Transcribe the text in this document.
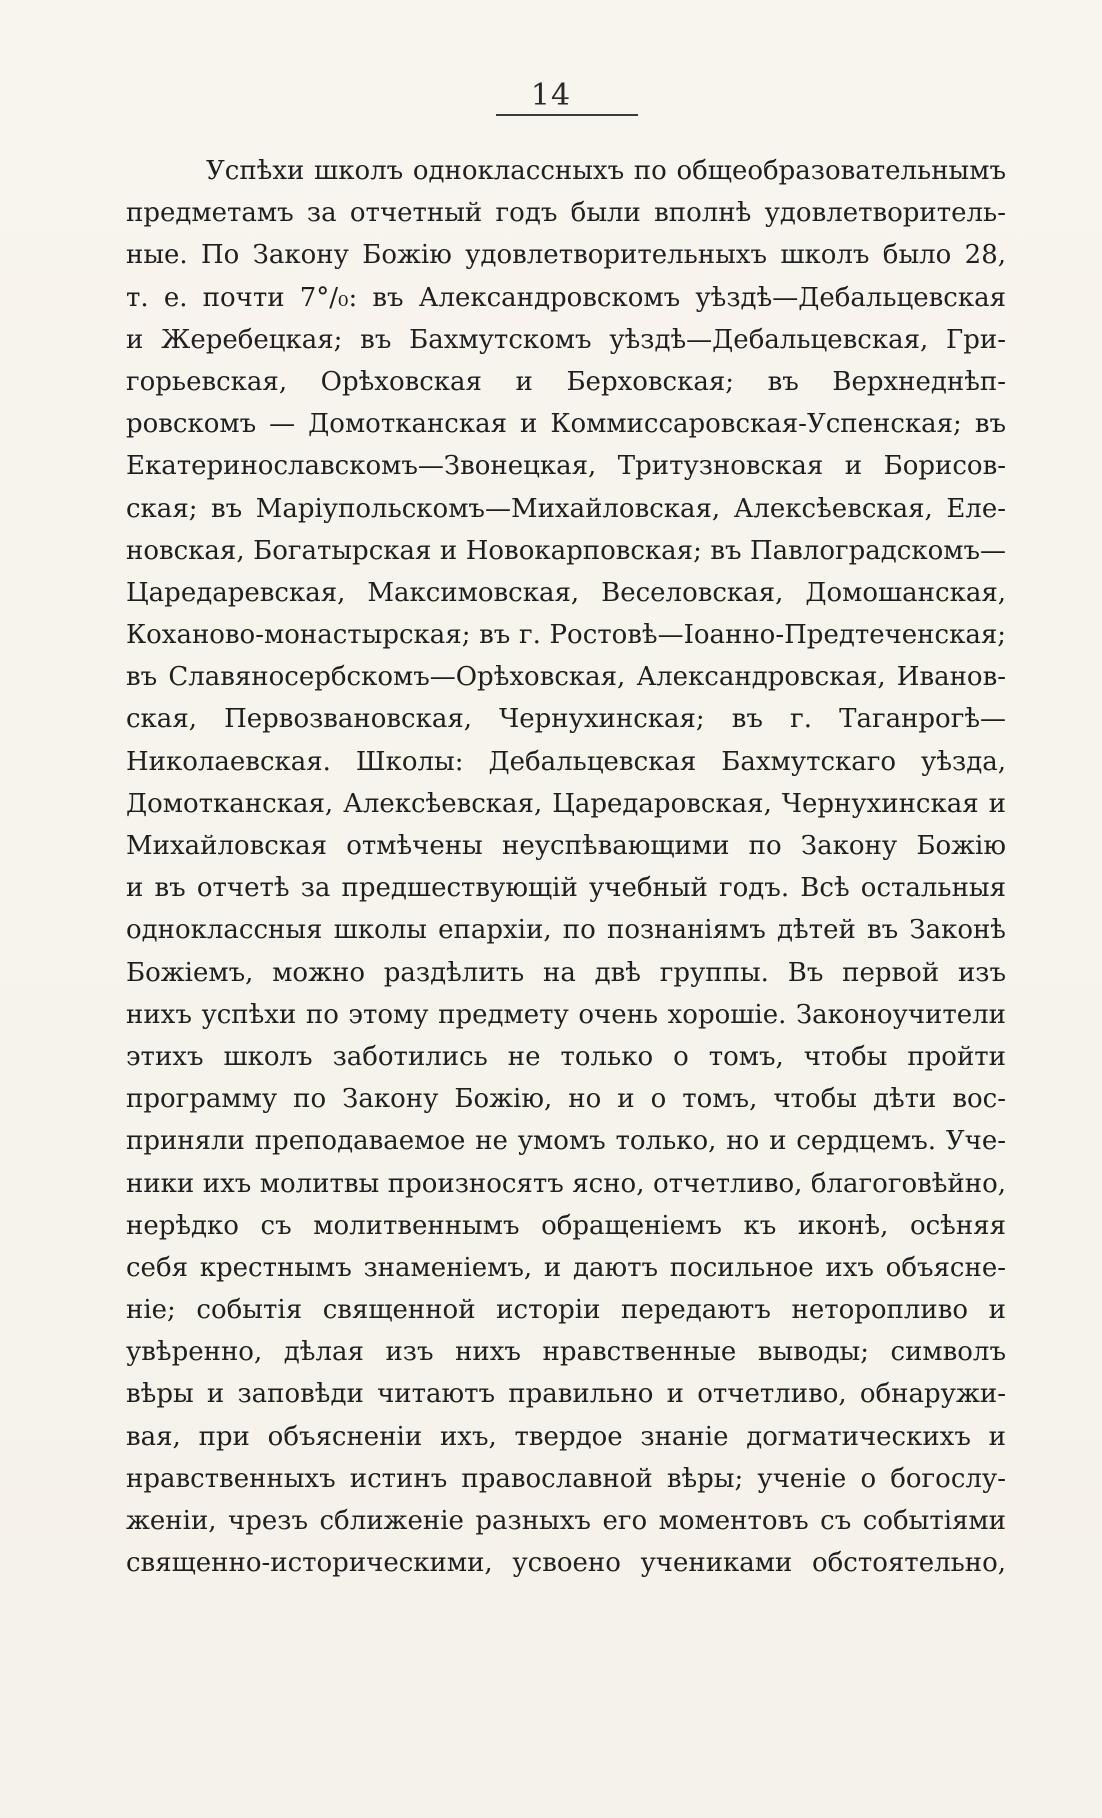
14
Успѣхи школъ одноклассныхъ по общеобразовательнымъ
предметамъ за отчетный годъ были вполнѣ удовлетворитель-
ные. По Закону Божію удовлетворительныхъ школъ было 28,
т. е. почти 7°/₀: въ Александровскомъ уѣздѣ—Дебальцевская
и Жеребецкая; въ Бахмутскомъ уѣздѣ—Дебальцевская, Гри-
горьевская, Орѣховская и Берховская; въ Верхнеднѣп-
ровскомъ — Домотканская и Коммиссаровская-Успенская; въ
Екатеринославскомъ—Звонецкая, Тритузновская и Борисов-
ская; въ Маріупольскомъ—Михайловская, Алексѣевская, Еле-
новская, Богатырская и Новокарповская; въ Павлоградскомъ—
Царедаревская, Максимовская, Веселовская, Домошанская,
Кохановo-монастырская; въ г. Ростовѣ—Іоанно-Предтеченская;
въ Славяносербскомъ—Орѣховская, Александровская, Иванов-
ская, Первозвановская, Чернухинская; въ г. Таганрогѣ—
Николаевская. Школы: Дебальцевская Бахмутскаго уѣзда,
Домотканская, Алексѣевская, Царедаровская, Чернухинская и
Михайловская отмѣчены неуспѣвающими по Закону Божію
и въ отчетѣ за предшествующій учебный годъ. Всѣ остальныя
одноклассныя школы епархіи, по познаніямъ дѣтей въ Законѣ
Божіемъ, можно раздѣлить на двѣ группы. Въ первой изъ
нихъ успѣхи по этому предмету очень хорошіе. Законоучители
этихъ школъ заботились не только о томъ, чтобы пройти
программу по Закону Божію, но и о томъ, чтобы дѣти вос-
приняли преподаваемое не умомъ только, но и сердцемъ. Уче-
ники ихъ молитвы произносятъ ясно, отчетливо, благоговѣйно,
нерѣдко съ молитвеннымъ обращеніемъ къ иконѣ, осѣняя
себя крестнымъ знаменіемъ, и даютъ посильное ихъ объясне-
ніе; событія священной исторіи передаютъ неторопливо и
увѣренно, дѣлая изъ нихъ нравственные выводы; символъ
вѣры и заповѣди читаютъ правильно и отчетливо, обнаружи-
вая, при объясненіи ихъ, твердое знаніе догматическихъ и
нравственныхъ истинъ православной вѣры; ученіе о богослу-
женіи, чрезъ сближеніе разныхъ его моментовъ съ событіями
священно-историческими, усвоено учениками обстоятельно,
